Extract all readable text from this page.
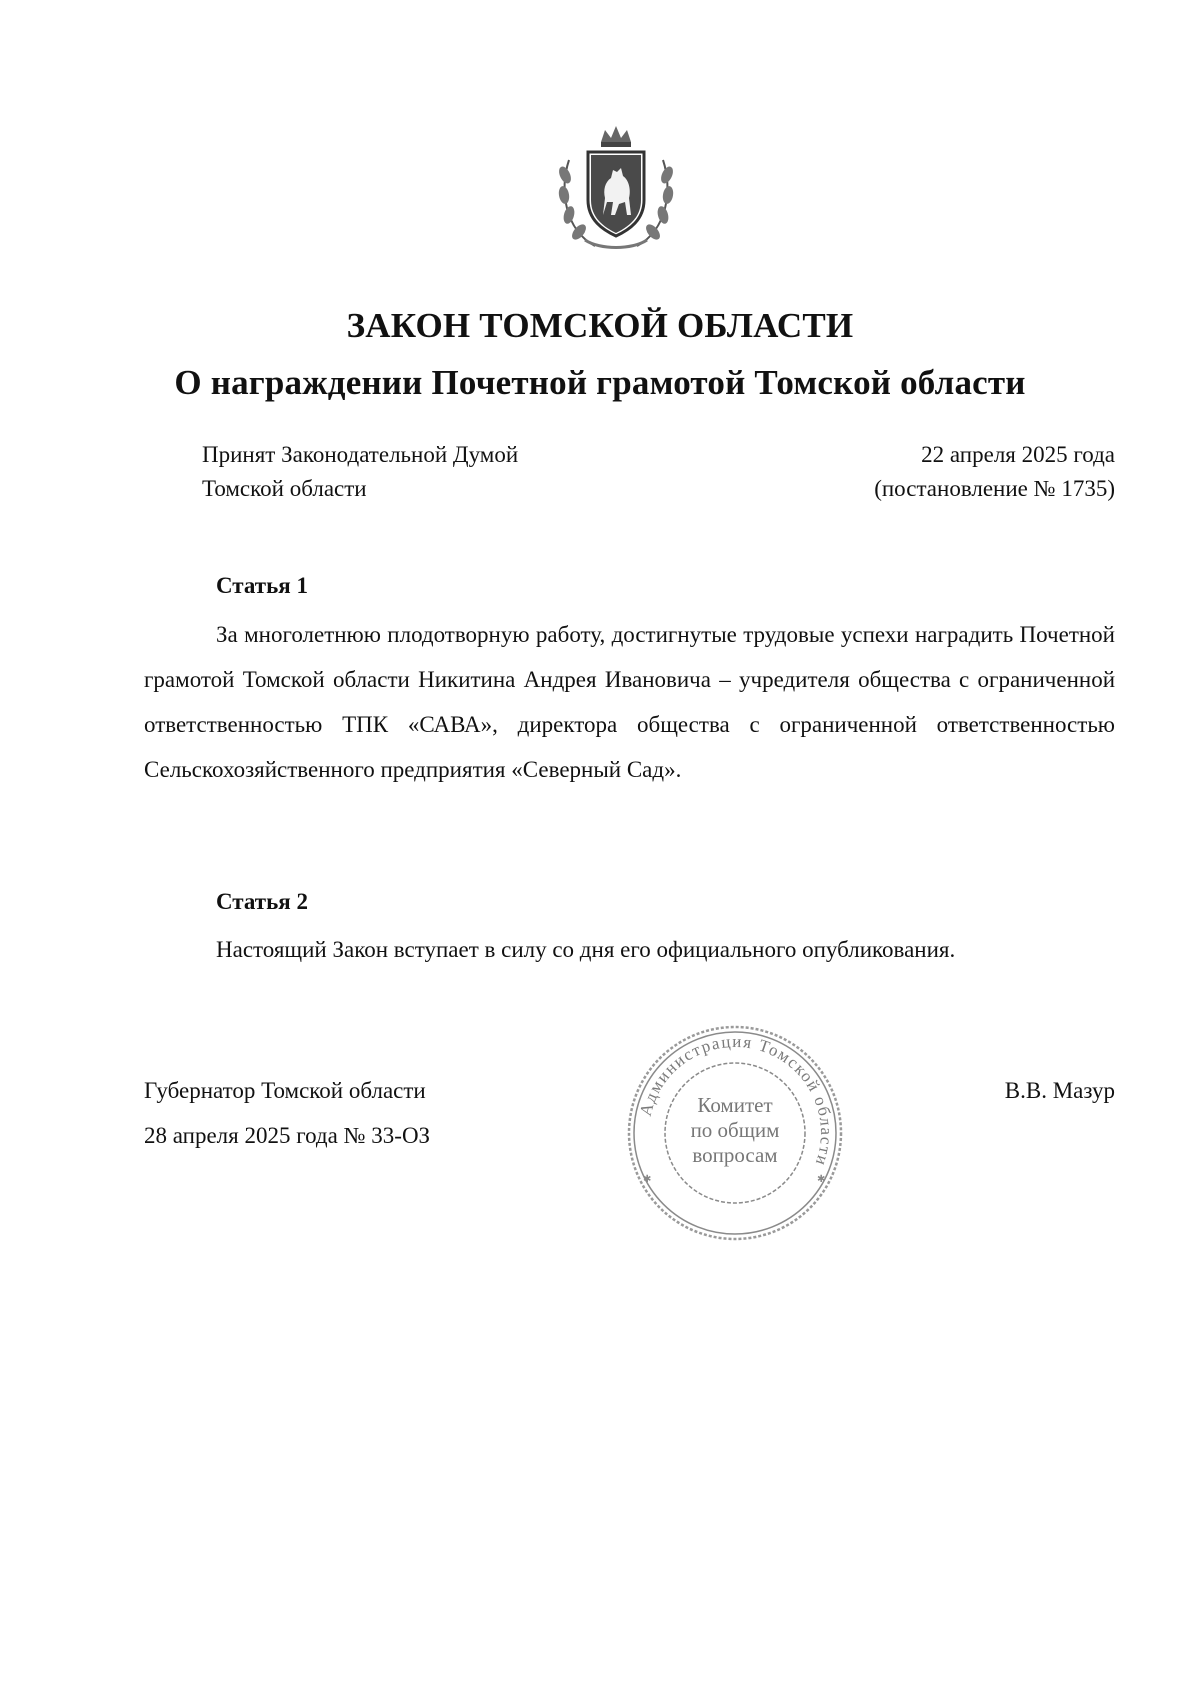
ЗАКОН ТОМСКОЙ ОБЛАСТИ
О награждении Почетной грамотой Томской области
Принят Законодательной Думой
Томской области
22 апреля 2025 года
(постановление № 1735)
Статья 1

За многолетнюю плодотворную работу, достигнутые трудовые успехи наградить Почетной грамотой Томской области Никитина Андрея Ивановича – учредителя общества с ограниченной ответственностью ТПК «САВА», директора общества с ограниченной ответственностью Сельскохозяйственного предприятия «Северный Сад».

Статья 2

Настоящий Закон вступает в силу со дня его официального опубликования.

Губернатор Томской области
28 апреля 2025 года № 33-ОЗ
В.В. Мазур
Администрация Томской области
✱	✱
Комитет
по общим
вопросам
